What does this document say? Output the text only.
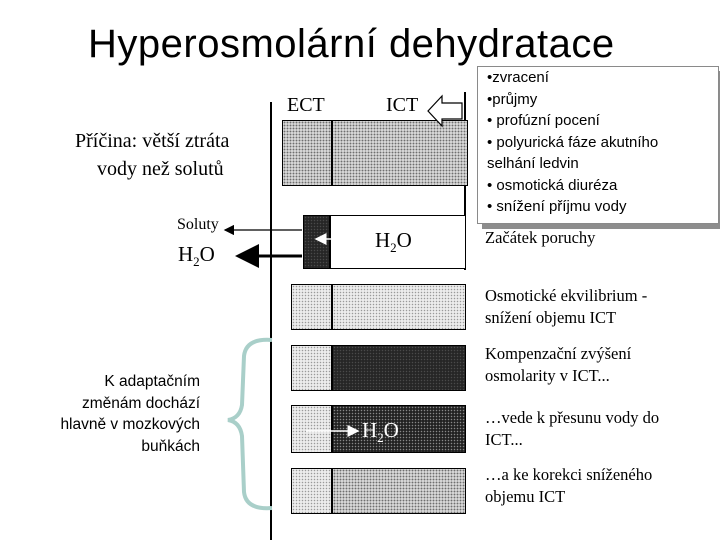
Hyperosmolární dehydratace
ECT	ICT
Příčina: větší ztráta
vody než solutů
Soluty
$H_2O$
$H_2O$
$H_2O$
K adaptačním
změnám dochází
hlavně v mozkových
buňkách
•zvracení
•průjmy
• profúzní pocení
• polyurická fáze akutního
selhání ledvin
• osmotická diuréza
• snížení příjmu vody
Začátek poruchy
Osmotické ekvilibrium -
snížení objemu ICT
Kompenzační zvýšení
osmolarity v ICT...
…vede k přesunu vody do
ICT...
…a ke korekci sníženého
objemu ICT
